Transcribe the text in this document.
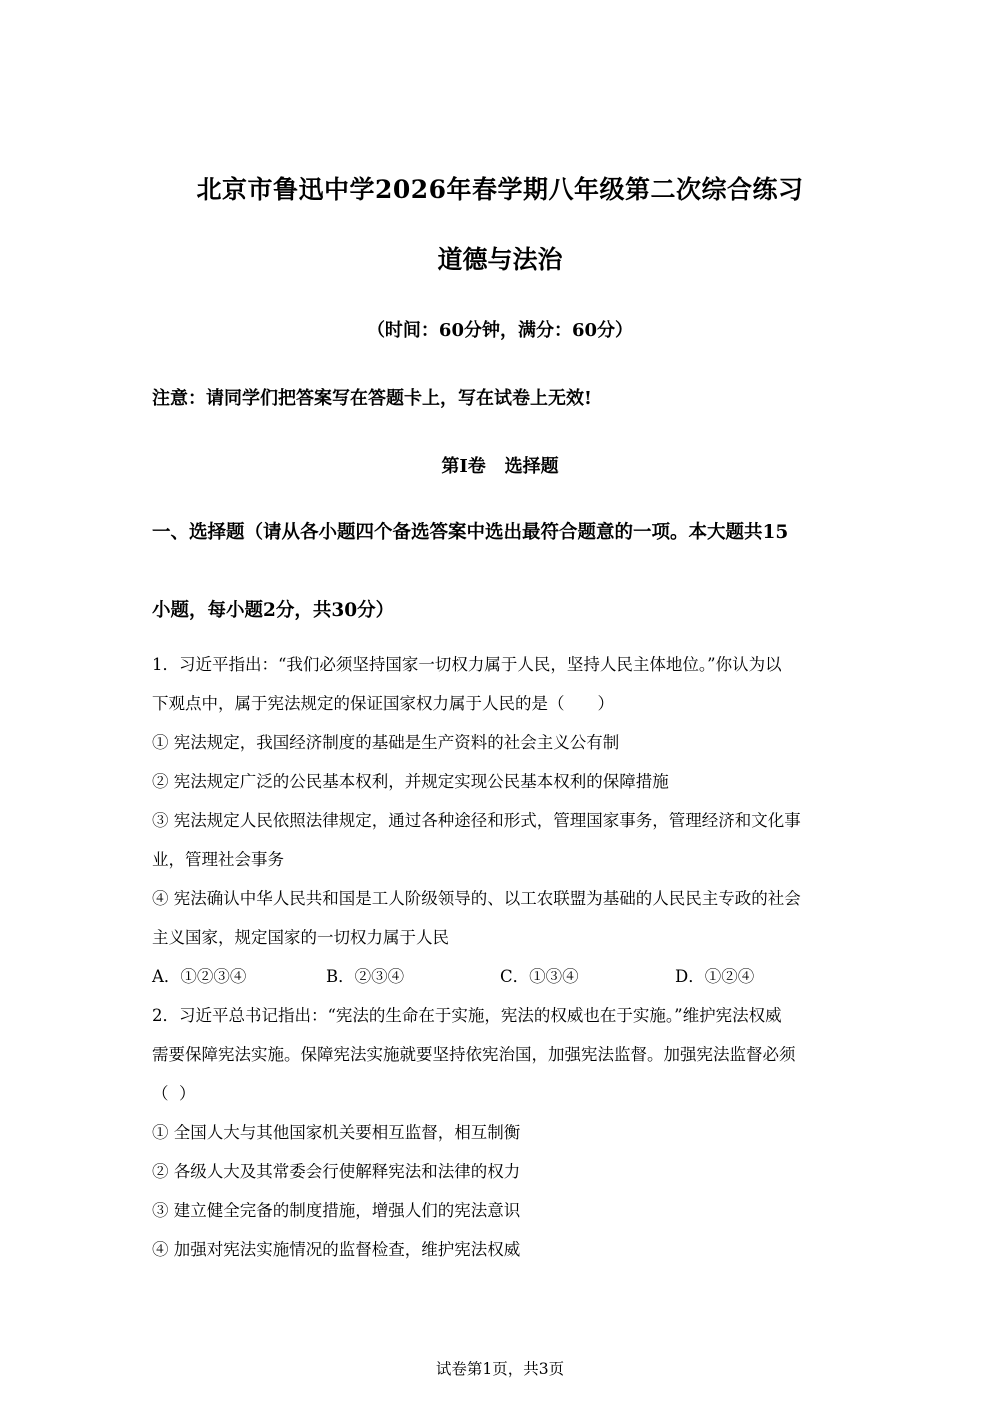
北京市鲁迅中学2026年春学期八年级第二次综合练习
道德与法治
（时间：60分钟，满分：60分）
注意：请同学们把答案写在答题卡上，写在试卷上无效!
第I卷   选择题
一、选择题（请从各小题四个备选答案中选出最符合题意的一项。本大题共15
小题，每小题2分，共30分）
1．习近平指出：“我们必须坚持国家一切权力属于人民，坚持人民主体地位。”你认为以
下观点中，属于宪法规定的保证国家权力属于人民的是（　　）
① 宪法规定，我国经济制度的基础是生产资料的社会主义公有制
② 宪法规定广泛的公民基本权利，并规定实现公民基本权利的保障措施
③ 宪法规定人民依照法律规定，通过各种途径和形式，管理国家事务，管理经济和文化事
业，管理社会事务
④ 宪法确认中华人民共和国是工人阶级领导的、以工农联盟为基础的人民民主专政的社会
主义国家，规定国家的一切权力属于人民
A．①②③④	B．②③④	C．①③④	D．①②④
2．习近平总书记指出：“宪法的生命在于实施，宪法的权威也在于实施。”维护宪法权威
需要保障宪法实施。保障宪法实施就要坚持依宪治国，加强宪法监督。加强宪法监督必须
（  ）
① 全国人大与其他国家机关要相互监督，相互制衡
② 各级人大及其常委会行使解释宪法和法律的权力
③ 建立健全完备的制度措施，增强人们的宪法意识
④ 加强对宪法实施情况的监督检查，维护宪法权威
试卷第1页，共3页
